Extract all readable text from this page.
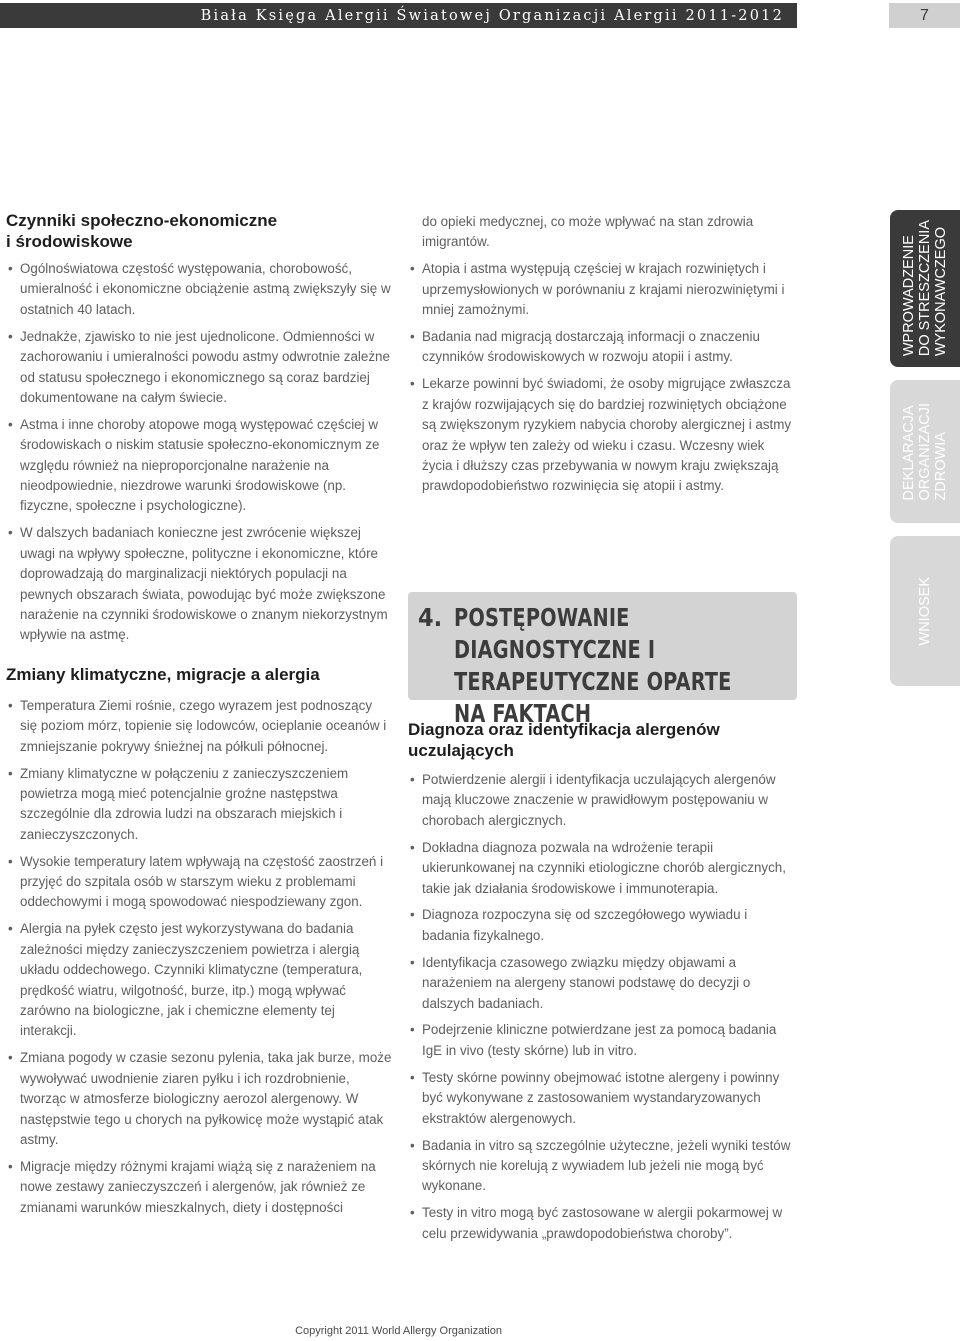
Biała Księga Alergii Światowej Organizacji Alergii 2011-2012	7
Czynniki społeczno-ekonomiczne
i środowiskowe
• Ogólnoświatowa częstość występowania, chorobowość, umieralność i ekonomiczne obciążenie astmą zwiększyły się w ostatnich 40 latach.
• Jednakże, zjawisko to nie jest ujednolicone. Odmienności w zachorowaniu i umieralności powodu astmy odwrotnie zależne od statusu społecznego i ekonomicznego są coraz bardziej dokumentowane na całym świecie.
• Astma i inne choroby atopowe mogą występować częściej w środowiskach o niskim statusie społeczno-ekonomicznym ze względu również na nieproporcjonalne narażenie na nieodpowiednie, niezdrowe warunki środowiskowe (np. fizyczne, społeczne i psychologiczne).
• W dalszych badaniach konieczne jest zwrócenie większej uwagi na wpływy społeczne, polityczne i ekonomiczne, które doprowadzają do marginalizacji niektórych populacji na pewnych obszarach świata, powodując być może zwiększone narażenie na czynniki środowiskowe o znanym niekorzystnym wpływie na astmę.
Zmiany klimatyczne, migracje a alergia
• Temperatura Ziemi rośnie, czego wyrazem jest podnoszący się poziom mórz, topienie się lodowców, ocieplanie oceanów i zmniejszanie pokrywy śnieżnej na półkuli północnej.
• Zmiany klimatyczne w połączeniu z zanieczyszczeniem powietrza mogą mieć potencjalnie groźne następstwa szczególnie dla zdrowia ludzi na obszarach miejskich i zanieczyszczonych.
• Wysokie temperatury latem wpływają na częstość zaostrzeń i przyjęć do szpitala osób w starszym wieku z problemami oddechowymi i mogą spowodować niespodziewany zgon.
• Alergia na pyłek często jest wykorzystywana do badania zależności między zanieczyszczeniem powietrza i alergią układu oddechowego. Czynniki klimatyczne (temperatura, prędkość wiatru, wilgotność, burze, itp.) mogą wpływać zarówno na biologiczne, jak i chemiczne elementy tej interakcji.
• Zmiana pogody w czasie sezonu pylenia, taka jak burze, może wywoływać uwodnienie ziaren pyłku i ich rozdrobnienie, tworząc w atmosferze biologiczny aerozol alergenowy. W następstwie tego u chorych na pyłkowicę może wystąpić atak astmy.
• Migracje między różnymi krajami wiążą się z narażeniem na nowe zestawy zanieczyszczeń i alergenów, jak również ze zmianami warunków mieszkalnych, diety i dostępności
do opieki medycznej, co może wpływać na stan zdrowia imigrantów.
• Atopia i astma występują częściej w krajach rozwiniętych i uprzemysłowionych w porównaniu z krajami nierozwiniętymi i mniej zamożnymi.
• Badania nad migracją dostarczają informacji o znaczeniu czynników środowiskowych w rozwoju atopii i astmy.
• Lekarze powinni być świadomi, że osoby migrujące zwłaszcza z krajów rozwijających się do bardziej rozwiniętych obciążone są zwiększonym ryzykiem nabycia choroby alergicznej i astmy oraz że wpływ ten zależy od wieku i czasu. Wczesny wiek życia i dłuższy czas przebywania w nowym kraju zwiększają prawdopodobieństwo rozwinięcia się atopii i astmy.
4. POSTĘPOWANIE DIAGNOSTYCZNE I TERAPEUTYCZNE OPARTE NA FAKTACH
Diagnoza oraz identyfikacja alergenów uczulających
• Potwierdzenie alergii i identyfikacja uczulających alergenów mają kluczowe znaczenie w prawidłowym postępowaniu w chorobach alergicznych.
• Dokładna diagnoza pozwala na wdrożenie terapii ukierunkowanej na czynniki etiologiczne chorób alergicznych, takie jak działania środowiskowe i immunoterapia.
• Diagnoza rozpoczyna się od szczegółowego wywiadu i badania fizykalnego.
• Identyfikacja czasowego związku między objawami a narażeniem na alergeny stanowi podstawę do decyzji o dalszych badaniach.
• Podejrzenie kliniczne potwierdzane jest za pomocą badania IgE in vivo (testy skórne) lub in vitro.
• Testy skórne powinny obejmować istotne alergeny i powinny być wykonywane z zastosowaniem wystandaryzowanych ekstraktów alergenowych.
• Badania in vitro są szczególnie użyteczne, jeżeli wyniki testów skórnych nie korelują z wywiadem lub jeżeli nie mogą być wykonane.
• Testy in vitro mogą być zastosowane w alergii pokarmowej w celu przewidywania „prawdopodobieństwa choroby”.
WPROWADZENIE
DO STRESZCZENIA
WYKONAWCZEGO
DEKLARACJA
ORGANIZACJI
ZDROWIA
WNIOSEK
Copyright 2011 World Allergy Organization
